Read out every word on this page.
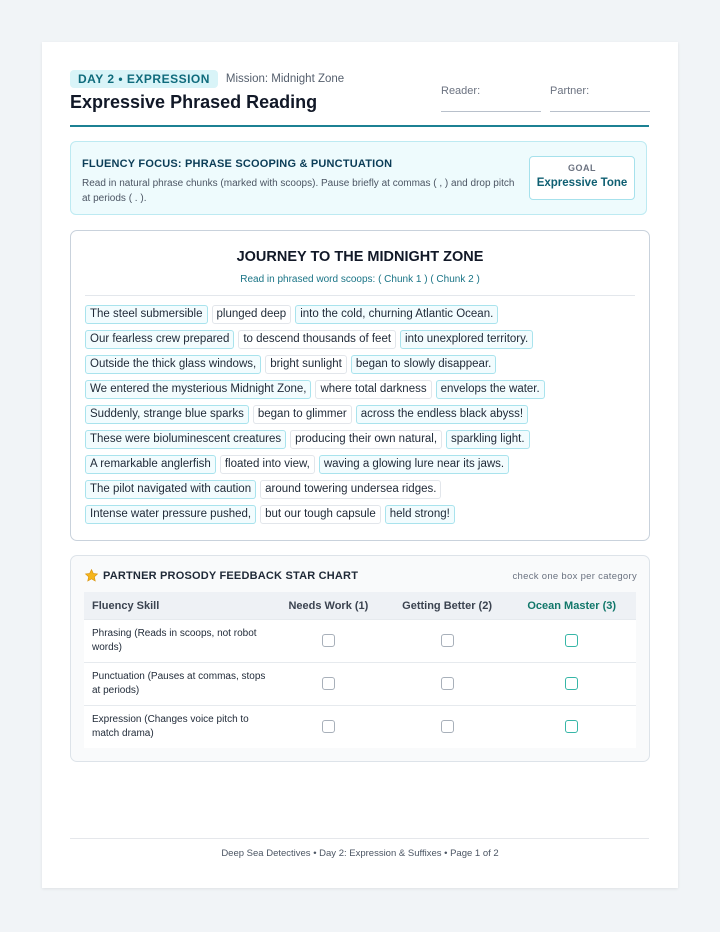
DAY 2 • EXPRESSION	Mission: Midnight Zone
Expressive Phrased Reading
Reader:	Partner:
FLUENCY FOCUS: PHRASE SCOOPING & PUNCTUATION
Read in natural phrase chunks (marked with scoops). Pause briefly at commas ( , ) and drop pitch at periods ( . ).
GOAL
Expressive Tone
JOURNEY TO THE MIDNIGHT ZONE
Read in phrased word scoops: ( Chunk 1 ) ( Chunk 2 )
The steel submersible	plunged deep	into the cold, churning Atlantic Ocean.
Our fearless crew prepared	to descend thousands of feet	into unexplored territory.
Outside the thick glass windows,	bright sunlight	began to slowly disappear.
We entered the mysterious Midnight Zone,	where total darkness	envelops the water.
Suddenly, strange blue sparks	began to glimmer	across the endless black abyss!
These were bioluminescent creatures	producing their own natural,	sparkling light.
A remarkable anglerfish	floated into view,	waving a glowing lure near its jaws.
The pilot navigated with caution	around towering undersea ridges.
Intense water pressure pushed,	but our tough capsule	held strong!
PARTNER PROSODY FEEDBACK STAR CHART	check one box per category
Fluency Skill	Needs Work (1)	Getting Better (2)	Ocean Master (3)
Phrasing (Reads in scoops, not robot words)			
Punctuation (Pauses at commas, stops at periods)			
Expression (Changes voice pitch to match drama)			
Deep Sea Detectives • Day 2: Expression & Suffixes • Page 1 of 2
